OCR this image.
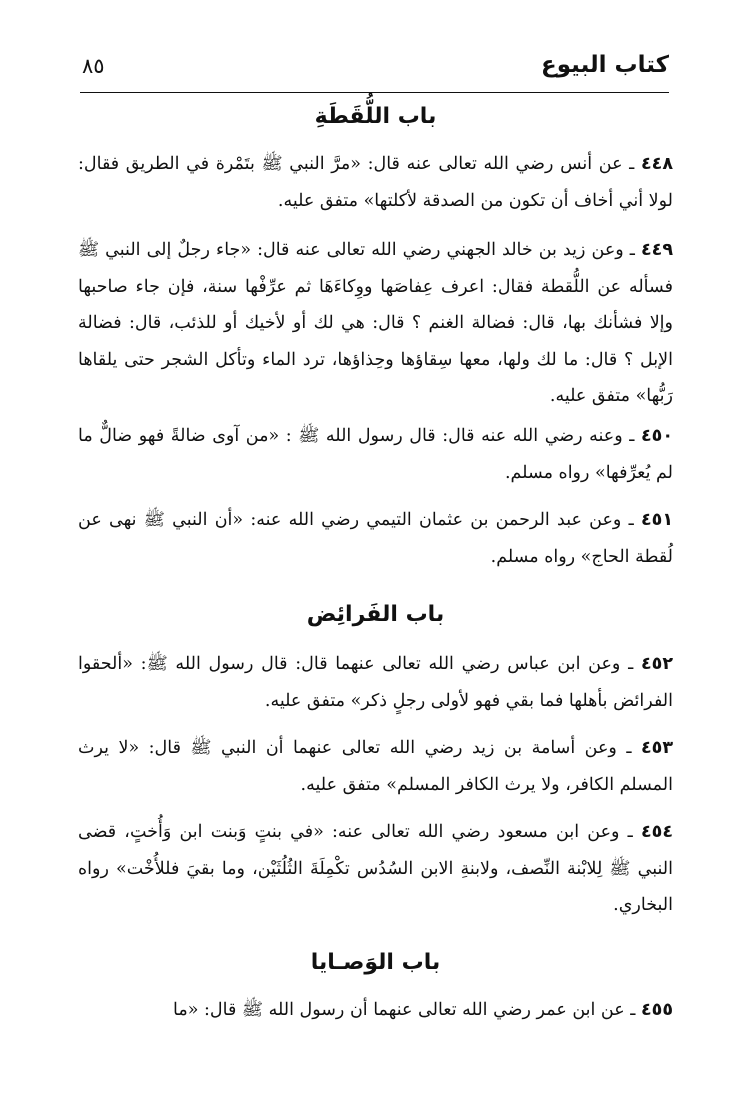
كتاب البيوع
٨٥
باب اللُّقَطَةِ

٤٤٨ ـ عن أنس رضي الله تعالى عنه قال: «مرَّ النبي ﷺ بتَمْرة في الطريق فقال: لولا أني أخاف أن تكون من الصدقة لأكلتها» متفق عليه.

٤٤٩ ـ وعن زيد بن خالد الجهني رضي الله تعالى عنه قال: «جاء رجلٌ إلى النبي ﷺ فسأله عن اللُّقطة فقال: اعرف عِفاصَها ووِكاءَهَا ثم عرِّفْها سنة، فإن جاء صاحبها وإلا فشأنك بها، قال: فضالة الغنم ؟ قال: هي لك أو لأخيك أو للذئب، قال: فضالة الإبل ؟ قال: ما لك ولها، معها سِقاؤها وحِذاؤها، ترد الماء وتأكل الشجر حتى يلقاها رَبُّها» متفق عليه.

٤٥٠ ـ وعنه رضي الله عنه قال: قال رسول الله ﷺ : «من آوى ضالةً فهو ضالٌّ ما لم يُعرِّفها» رواه مسلم.

٤٥١ ـ وعن عبد الرحمن بن عثمان التيمي رضي الله عنه: «أن النبي ﷺ نهى عن لُقطة الحاج» رواه مسلم.

باب الفَرائِض

٤٥٢ ـ وعن ابن عباس رضي الله تعالى عنهما قال: قال رسول الله ﷺ: «ألحقوا الفرائض بأهلها فما بقي فهو لأولى رجلٍ ذكر» متفق عليه.

٤٥٣ ـ وعن أسامة بن زيد رضي الله تعالى عنهما أن النبي ﷺ قال: «لا يرث المسلم الكافر، ولا يرث الكافر المسلم» متفق عليه.

٤٥٤ ـ وعن ابن مسعود رضي الله تعالى عنه: «في بنتٍ وَبنت ابن وَأُختٍ، قضى النبي ﷺ لِلابْنة النِّصف، ولابنةِ الابن السُدُس تكْمِلَةَ الثُلُثَيْن، وما بقيَ فللأُخْت» رواه البخاري.

باب الوَصـايا

٤٥٥ ـ عن ابن عمر رضي الله تعالى عنهما أن رسول الله ﷺ قال: «ما
